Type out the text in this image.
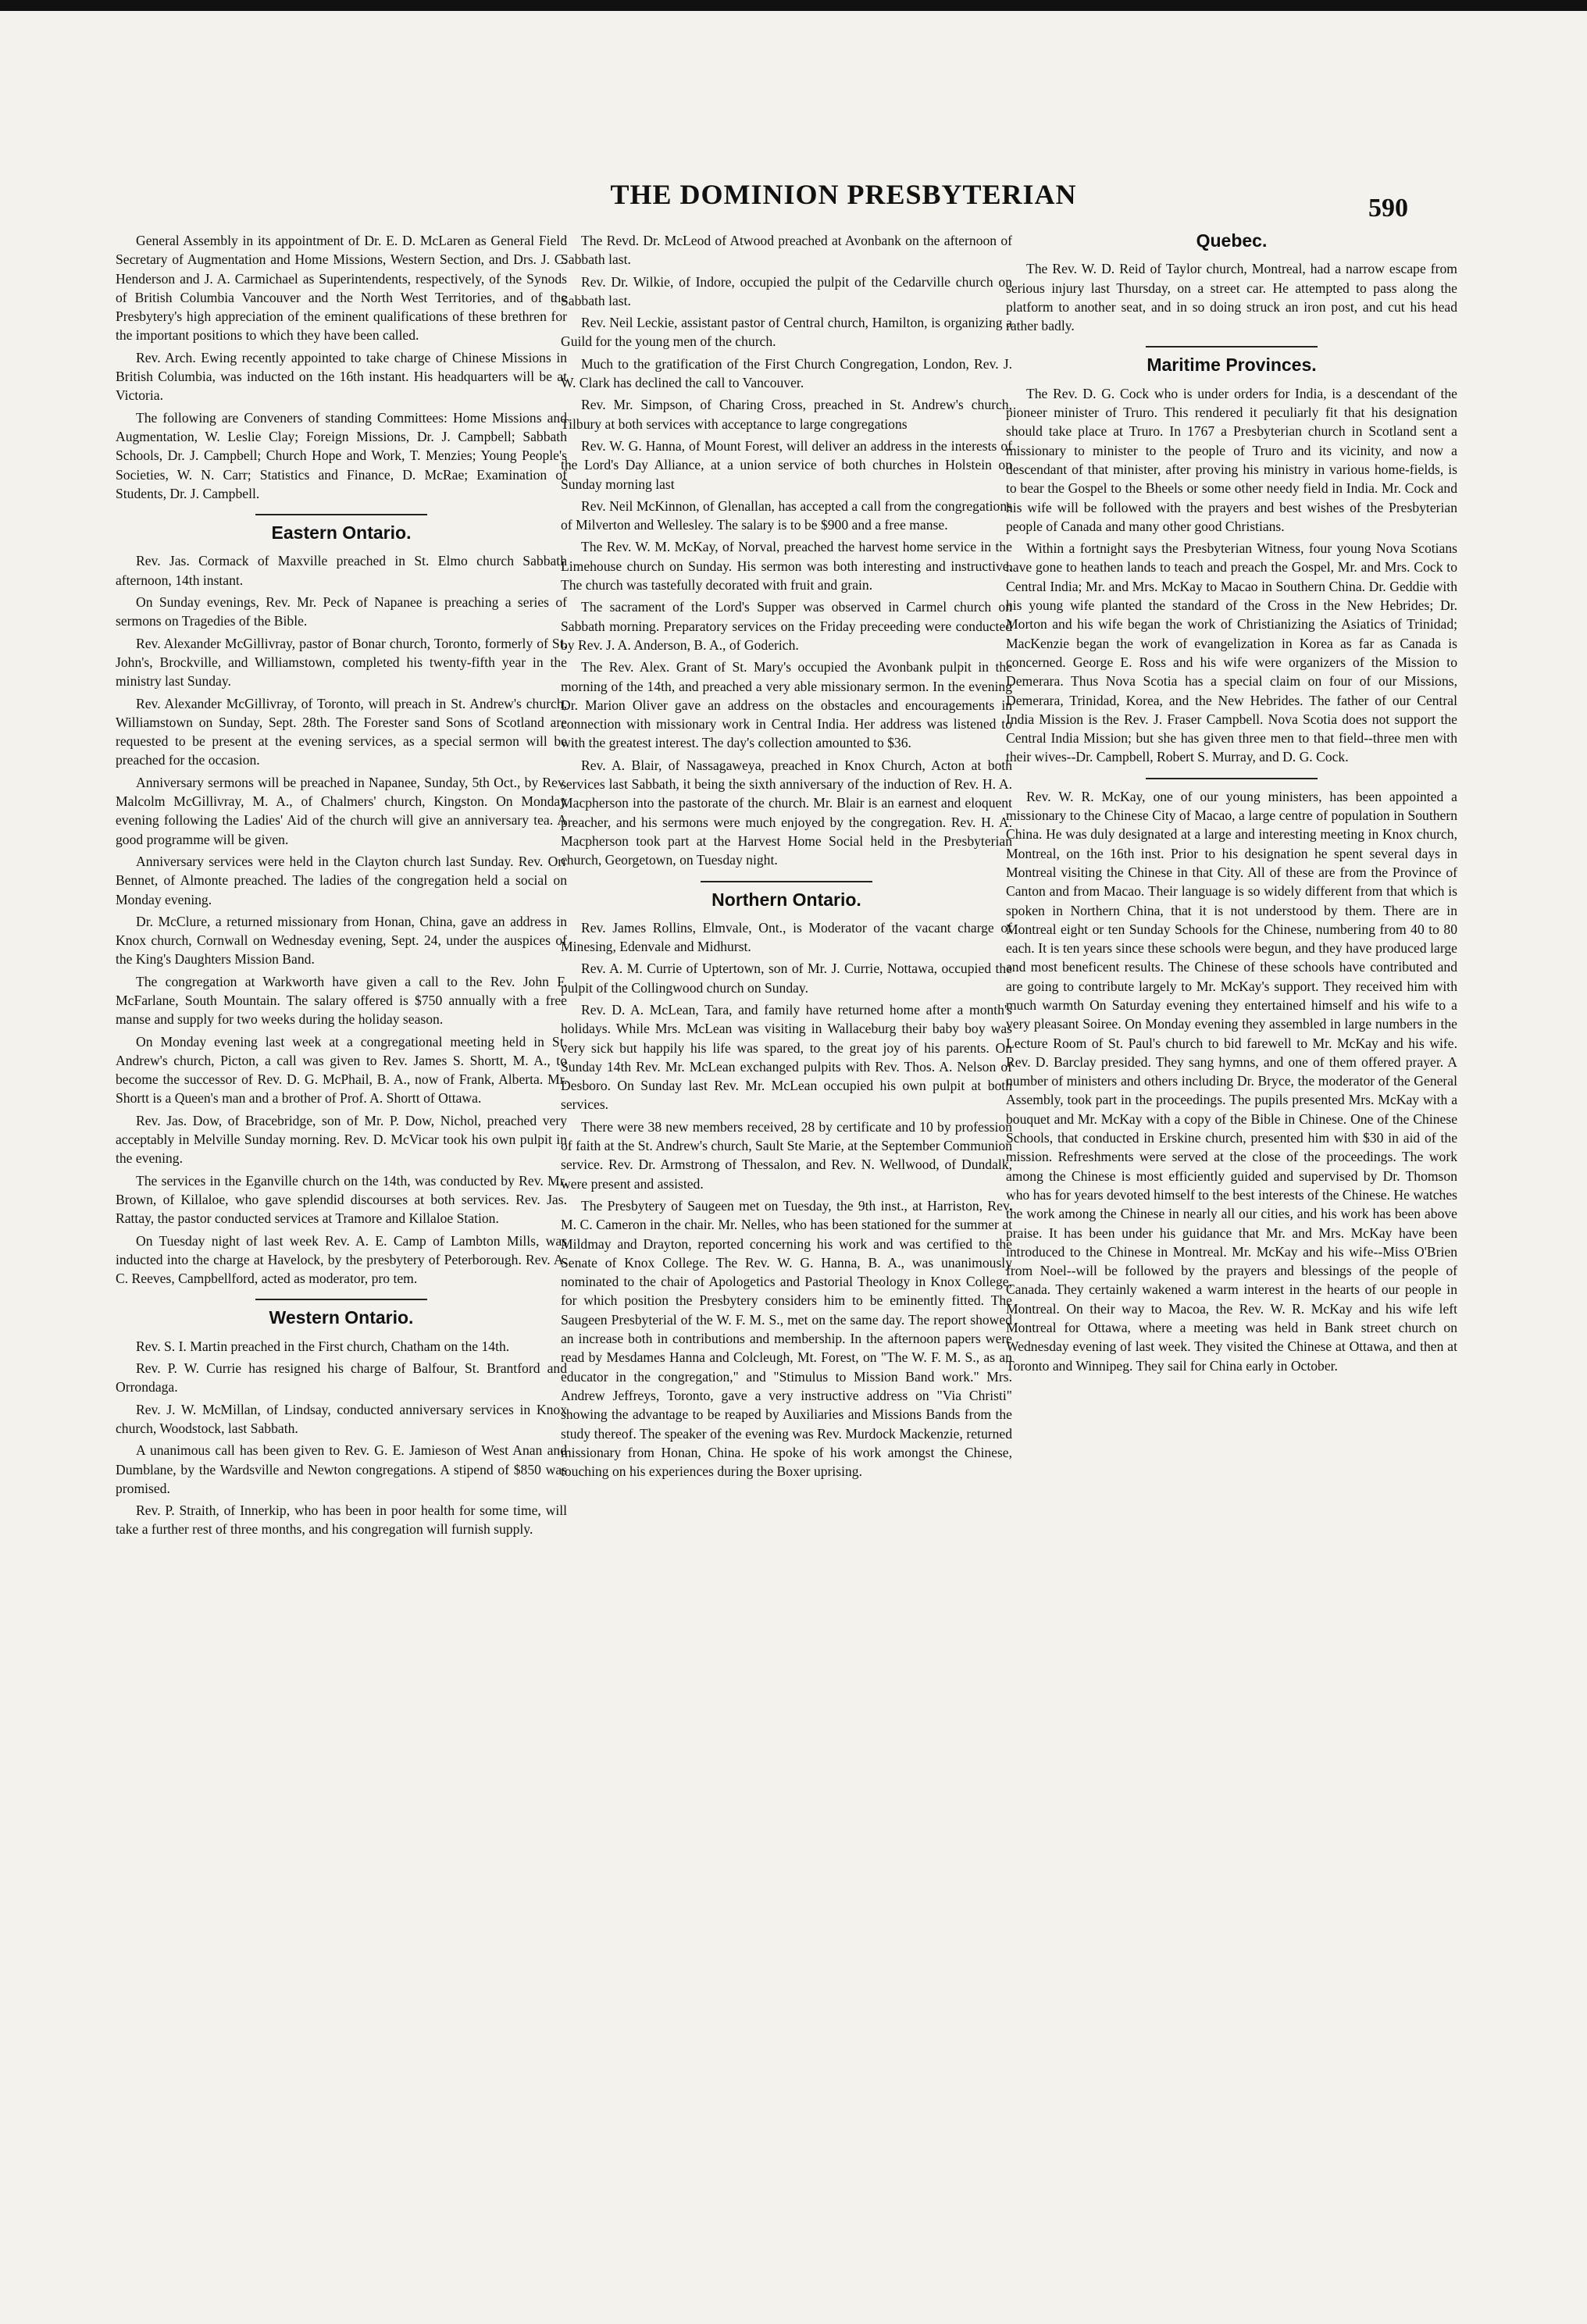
THE DOMINION PRESBYTERIAN	590

General Assembly in its appointment of Dr. E. D. McLaren as General Field Secretary of Augmentation and Home Missions, Western Section, and Drs. J. C. Henderson and J. A. Carmichael as Superintendents, respectively, of the Synods of British Columbia Vancouver and the North West Territories, and of the Presbytery's high appreciation of the eminent qualifications of these brethren for the important positions to which they have been called.

Rev. Arch. Ewing recently appointed to take charge of Chinese Missions in British Columbia, was inducted on the 16th instant. His headquarters will be at Victoria.

The following are Conveners of standing Committees: Home Missions and Augmentation, W. Leslie Clay; Foreign Missions, Dr. J. Campbell; Sabbath Schools, Dr. J. Campbell; Church Hope and Work, T. Menzies; Young People's Societies, W. N. Carr; Statistics and Finance, D. McRae; Examination of Students, Dr. J. Campbell.

Eastern Ontario.

Rev. Jas. Cormack of Maxville preached in St. Elmo church Sabbath afternoon, 14th instant.

On Sunday evenings, Rev. Mr. Peck of Napanee is preaching a series of sermons on Tragedies of the Bible.

Rev. Alexander McGillivray, pastor of Bonar church, Toronto, formerly of St. John's, Brockville, and Williamstown, completed his twenty-fifth year in the ministry last Sunday.

Rev. Alexander McGillivray, of Toronto, will preach in St. Andrew's church, Williamstown on Sunday, Sept. 28th. The Forester sand Sons of Scotland are requested to be present at the evening services, as a special sermon will be preached for the occasion.

Anniversary sermons will be preached in Napanee, Sunday, 5th Oct., by Rev. Malcolm McGillivray, M. A., of Chalmers' church, Kingston. On Monday evening following the Ladies' Aid of the church will give an anniversary tea. A good programme will be given.

Anniversary services were held in the Clayton church last Sunday. Rev. Orr Bennet, of Almonte preached. The ladies of the congregation held a social on Monday evening.

Dr. McClure, a returned missionary from Honan, China, gave an address in Knox church, Cornwall on Wednesday evening, Sept. 24, under the auspices of the King's Daughters Mission Band.

The congregation at Warkworth have given a call to the Rev. John F. McFarlane, South Mountain. The salary offered is $750 annually with a free manse and supply for two weeks during the holiday season.

On Monday evening last week at a congregational meeting held in St. Andrew's church, Picton, a call was given to Rev. James S. Shortt, M. A., to become the successor of Rev. D. G. McPhail, B. A., now of Frank, Alberta. Mr. Shortt is a Queen's man and a brother of Prof. A. Shortt of Ottawa.

Rev. Jas. Dow, of Bracebridge, son of Mr. P. Dow, Nichol, preached very acceptably in Melville Sunday morning. Rev. D. McVicar took his own pulpit in the evening.

The services in the Eganville church on the 14th, was conducted by Rev. Mr. Brown, of Killaloe, who gave splendid discourses at both services. Rev. Jas. Rattay, the pastor conducted services at Tramore and Killaloe Station.

On Tuesday night of last week Rev. A. E. Camp of Lambton Mills, was inducted into the charge at Havelock, by the presbytery of Peterborough. Rev. A. C. Reeves, Campbellford, acted as moderator, pro tem.

Western Ontario.

Rev. S. I. Martin preached in the First church, Chatham on the 14th.

Rev. P. W. Currie has resigned his charge of Balfour, St. Brantford and Orrondaga.

Rev. J. W. McMillan, of Lindsay, conducted anniversary services in Knox church, Woodstock, last Sabbath.

A unanimous call has been given to Rev. G. E. Jamieson of West Anan and Dumblane, by the Wardsville and Newton congregations. A stipend of $850 was promised.

Rev. P. Straith, of Innerkip, who has been in poor health for some time, will take a further rest of three months, and his congregation will furnish supply.

The Revd. Dr. McLeod of Atwood preached at Avonbank on the afternoon of Sabbath last.

Rev. Dr. Wilkie, of Indore, occupied the pulpit of the Cedarville church on Sabbath last.

Rev. Neil Leckie, assistant pastor of Central church, Hamilton, is organizing a Guild for the young men of the church.

Much to the gratification of the First Church Congregation, London, Rev. J. W. Clark has declined the call to Vancouver.

Rev. Mr. Simpson, of Charing Cross, preached in St. Andrew's church, Tilbury at both services with acceptance to large congregations

Rev. W. G. Hanna, of Mount Forest, will deliver an address in the interests of the Lord's Day Alliance, at a union service of both churches in Holstein on Sunday morning last

Rev. Neil McKinnon, of Glenallan, has accepted a call from the congregations of Milverton and Wellesley. The salary is to be $900 and a free manse.

The Rev. W. M. McKay, of Norval, preached the harvest home service in the Limehouse church on Sunday. His sermon was both interesting and instructive. The church was tastefully decorated with fruit and grain.

The sacrament of the Lord's Supper was observed in Carmel church on Sabbath morning. Preparatory services on the Friday preceeding were conducted by Rev. J. A. Anderson, B. A., of Goderich.

The Rev. Alex. Grant of St. Mary's occupied the Avonbank pulpit in the morning of the 14th, and preached a very able missionary sermon. In the evening Dr. Marion Oliver gave an address on the obstacles and encouragements in connection with missionary work in Central India. Her address was listened to with the greatest interest. The day's collection amounted to $36.

Rev. A. Blair, of Nassagaweya, preached in Knox Church, Acton at both services last Sabbath, it being the sixth anniversary of the induction of Rev. H. A. Macpherson into the pastorate of the church. Mr. Blair is an earnest and eloquent preacher, and his sermons were much enjoyed by the congregation. Rev. H. A. Macpherson took part at the Harvest Home Social held in the Presbyterian church, Georgetown, on Tuesday night.

Northern Ontario.

Rev. James Rollins, Elmvale, Ont., is Moderator of the vacant charge of Minesing, Edenvale and Midhurst.

Rev. A. M. Currie of Uptertown, son of Mr. J. Currie, Nottawa, occupied the pulpit of the Collingwood church on Sunday.

Rev. D. A. McLean, Tara, and family have returned home after a month's holidays. While Mrs. McLean was visiting in Wallaceburg their baby boy was very sick but happily his life was spared, to the great joy of his parents. On Sunday 14th Rev. Mr. McLean exchanged pulpits with Rev. Thos. A. Nelson of Desboro. On Sunday last Rev. Mr. McLean occupied his own pulpit at both services.

There were 38 new members received, 28 by certificate and 10 by profession of faith at the St. Andrew's church, Sault Ste Marie, at the September Communion service. Rev. Dr. Armstrong of Thessalon, and Rev. N. Wellwood, of Dundalk, were present and assisted.

The Presbytery of Saugeen met on Tuesday, the 9th inst., at Harriston, Rev. M. C. Cameron in the chair. Mr. Nelles, who has been stationed for the summer at Mildmay and Drayton, reported concerning his work and was certified to the Senate of Knox College. The Rev. W. G. Hanna, B. A., was unanimously nominated to the chair of Apologetics and Pastorial Theology in Knox College, for which position the Presbytery considers him to be eminently fitted. The Saugeen Presbyterial of the W. F. M. S., met on the same day. The report showed an increase both in contributions and membership. In the afternoon papers were read by Mesdames Hanna and Colcleugh, Mt. Forest, on "The W. F. M. S., as an educator in the congregation," and "Stimulus to Mission Band work." Mrs. Andrew Jeffreys, Toronto, gave a very instructive address on "Via Christi" showing the advantage to be reaped by Auxiliaries and Missions Bands from the study thereof. The speaker of the evening was Rev. Murdock Mackenzie, returned missionary from Honan, China. He spoke of his work amongst the Chinese, touching on his experiences during the Boxer uprising.

Quebec.

The Rev. W. D. Reid of Taylor church, Montreal, had a narrow escape from serious injury last Thursday, on a street car. He attempted to pass along the platform to another seat, and in so doing struck an iron post, and cut his head rather badly.

Maritime Provinces.

The Rev. D. G. Cock who is under orders for India, is a descendant of the pioneer minister of Truro. This rendered it peculiarly fit that his designation should take place at Truro. In 1767 a Presbyterian church in Scotland sent a missionary to minister to the people of Truro and its vicinity, and now a descendant of that minister, after proving his ministry in various home-fields, is to bear the Gospel to the Bheels or some other needy field in India. Mr. Cock and his wife will be followed with the prayers and best wishes of the Presbyterian people of Canada and many other good Christians.

Within a fortnight says the Presbyterian Witness, four young Nova Scotians have gone to heathen lands to teach and preach the Gospel, Mr. and Mrs. Cock to Central India; Mr. and Mrs. McKay to Macao in Southern China. Dr. Geddie with his young wife planted the standard of the Cross in the New Hebrides; Dr. Morton and his wife began the work of Christianizing the Asiatics of Trinidad; MacKenzie began the work of evangelization in Korea as far as Canada is concerned. George E. Ross and his wife were organizers of the Mission to Demerara. Thus Nova Scotia has a special claim on four of our Missions, Demerara, Trinidad, Korea, and the New Hebrides. The father of our Central India Mission is the Rev. J. Fraser Campbell. Nova Scotia does not support the Central India Mission; but she has given three men to that field--three men with their wives--Dr. Campbell, Robert S. Murray, and D. G. Cock.

Rev. W. R. McKay, one of our young ministers, has been appointed a missionary to the Chinese City of Macao, a large centre of population in Southern China. He was duly designated at a large and interesting meeting in Knox church, Montreal, on the 16th inst. Prior to his designation he spent several days in Montreal visiting the Chinese in that City. All of these are from the Province of Canton and from Macao. Their language is so widely different from that which is spoken in Northern China, that it is not understood by them. There are in Montreal eight or ten Sunday Schools for the Chinese, numbering from 40 to 80 each. It is ten years since these schools were begun, and they have produced large and most beneficent results. The Chinese of these schools have contributed and are going to contribute largely to Mr. McKay's support. They received him with much warmth On Saturday evening they entertained himself and his wife to a very pleasant Soiree. On Monday evening they assembled in large numbers in the Lecture Room of St. Paul's church to bid farewell to Mr. McKay and his wife. Rev. D. Barclay presided. They sang hymns, and one of them offered prayer. A number of ministers and others including Dr. Bryce, the moderator of the General Assembly, took part in the proceedings. The pupils presented Mrs. McKay with a bouquet and Mr. McKay with a copy of the Bible in Chinese. One of the Chinese Schools, that conducted in Erskine church, presented him with $30 in aid of the mission. Refreshments were served at the close of the proceedings. The work among the Chinese is most efficiently guided and supervised by Dr. Thomson who has for years devoted himself to the best interests of the Chinese. He watches the work among the Chinese in nearly all our cities, and his work has been above praise. It has been under his guidance that Mr. and Mrs. McKay have been introduced to the Chinese in Montreal. Mr. McKay and his wife--Miss O'Brien from Noel--will be followed by the prayers and blessings of the people of Canada. They certainly wakened a warm interest in the hearts of our people in Montreal. On their way to Macoa, the Rev. W. R. McKay and his wife left Montreal for Ottawa, where a meeting was held in Bank street church on Wednesday evening of last week. They visited the Chinese at Ottawa, and then at Toronto and Winnipeg. They sail for China early in October.
